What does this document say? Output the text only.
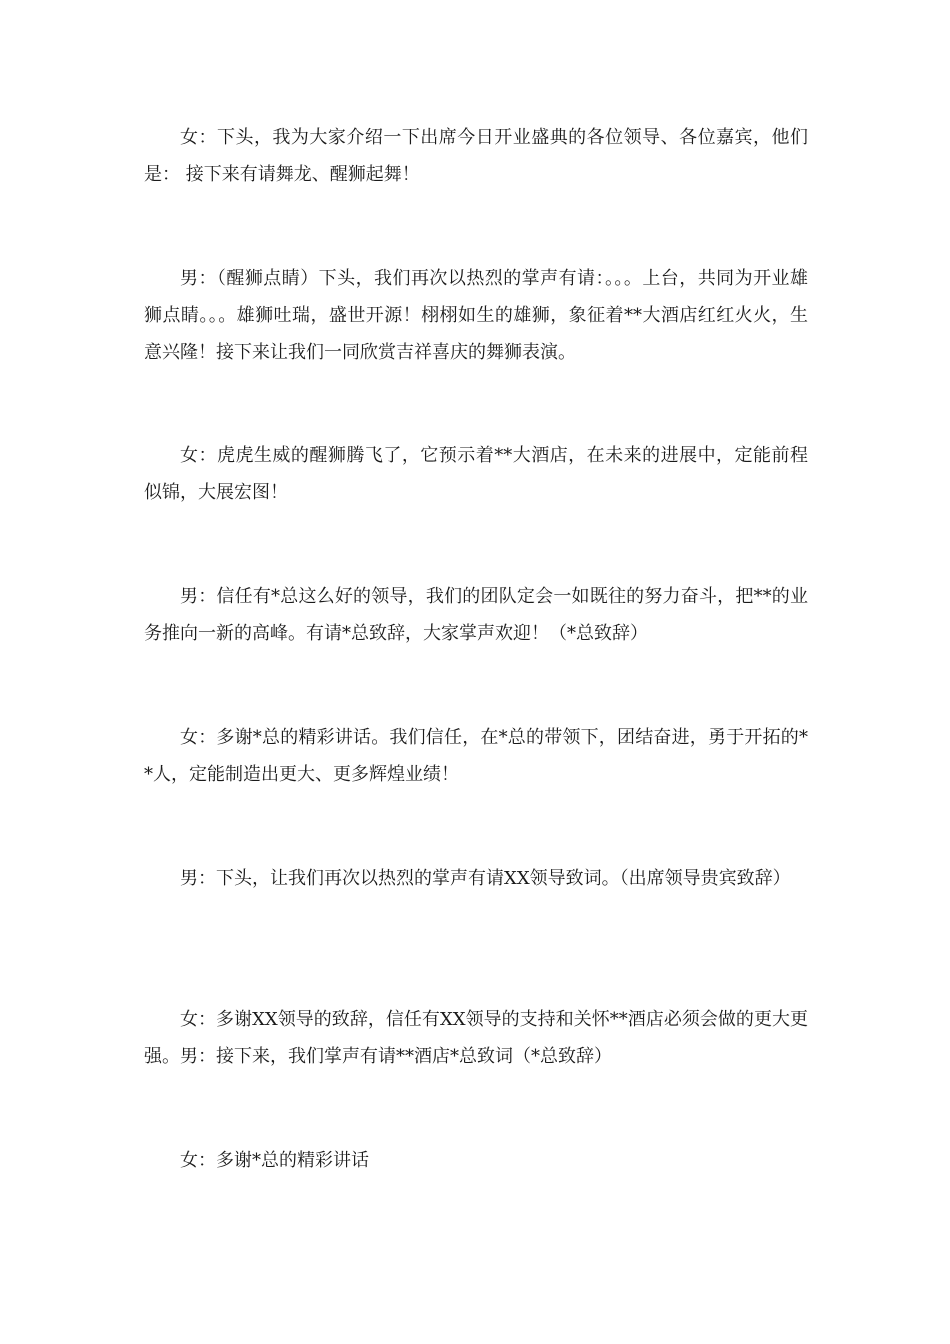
女：下头，我为大家介绍一下出席今日开业盛典的各位领导、各位嘉宾，他们是： 接下来有请舞龙、醒狮起舞！

男：（醒狮点睛）下头，我们再次以热烈的掌声有请：。。。上台，共同为开业雄狮点睛。。。雄狮吐瑞，盛世开源！栩栩如生的雄狮，象征着**大酒店红红火火，生意兴隆！接下来让我们一同欣赏吉祥喜庆的舞狮表演。

女：虎虎生威的醒狮腾飞了，它预示着**大酒店，在未来的进展中，定能前程似锦，大展宏图！

男：信任有*总这么好的领导，我们的团队定会一如既往的努力奋斗，把**的业务推向一新的高峰。有请*总致辞，大家掌声欢迎！（*总致辞）

女：多谢*总的精彩讲话。我们信任，在*总的带领下，团结奋进，勇于开拓的**人，定能制造出更大、更多辉煌业绩！

男：下头，让我们再次以热烈的掌声有请XX领导致词。（出席领导贵宾致辞）

女：多谢XX领导的致辞，信任有XX领导的支持和关怀**酒店必须会做的更大更强。男：接下来，我们掌声有请**酒店*总致词（*总致辞）

女：多谢*总的精彩讲话
